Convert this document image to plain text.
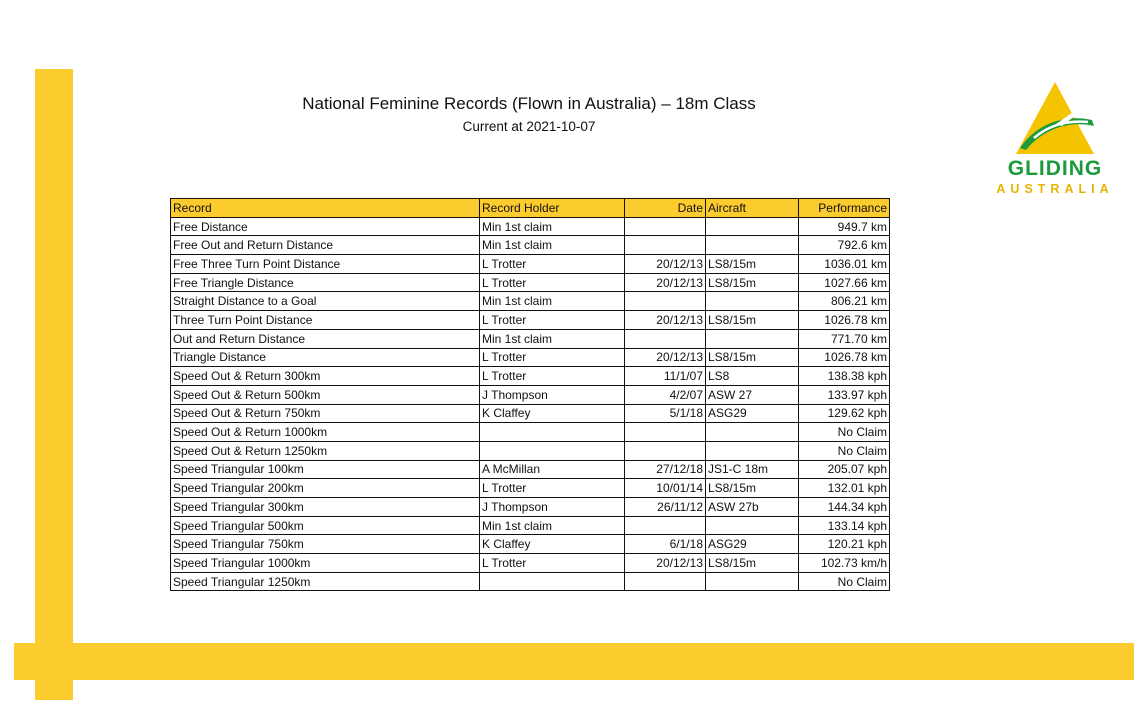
National Feminine Records (Flown in Australia) – 18m Class
Current at 2021-10-07
GLIDING
AUSTRALIA
Record	Record Holder	Date	Aircraft	Performance
Free Distance	Min 1st claim			949.7 km
Free Out and Return Distance	Min 1st claim			792.6 km
Free Three Turn Point Distance	L Trotter	20/12/13	LS8/15m	1036.01 km
Free Triangle Distance	L Trotter	20/12/13	LS8/15m	1027.66 km
Straight Distance to a Goal	Min 1st claim			806.21 km
Three Turn Point Distance	L Trotter	20/12/13	LS8/15m	1026.78 km
Out and Return Distance	Min 1st claim			771.70 km
Triangle Distance	L Trotter	20/12/13	LS8/15m	1026.78 km
Speed Out & Return 300km	L Trotter	11/1/07	LS8	138.38 kph
Speed Out & Return 500km	J Thompson	4/2/07	ASW 27	133.97 kph
Speed Out & Return 750km	K Claffey	5/1/18	ASG29	129.62 kph
Speed Out & Return 1000km				No Claim
Speed Out & Return 1250km				No Claim
Speed Triangular 100km	A McMillan	27/12/18	JS1-C 18m	205.07 kph
Speed Triangular 200km	L Trotter	10/01/14	LS8/15m	132.01 kph
Speed Triangular 300km	J Thompson	26/11/12	ASW 27b	144.34 kph
Speed Triangular 500km	Min 1st claim			133.14 kph
Speed Triangular 750km	K Claffey	6/1/18	ASG29	120.21 kph
Speed Triangular 1000km	L Trotter	20/12/13	LS8/15m	102.73 km/h
Speed Triangular 1250km				No Claim
